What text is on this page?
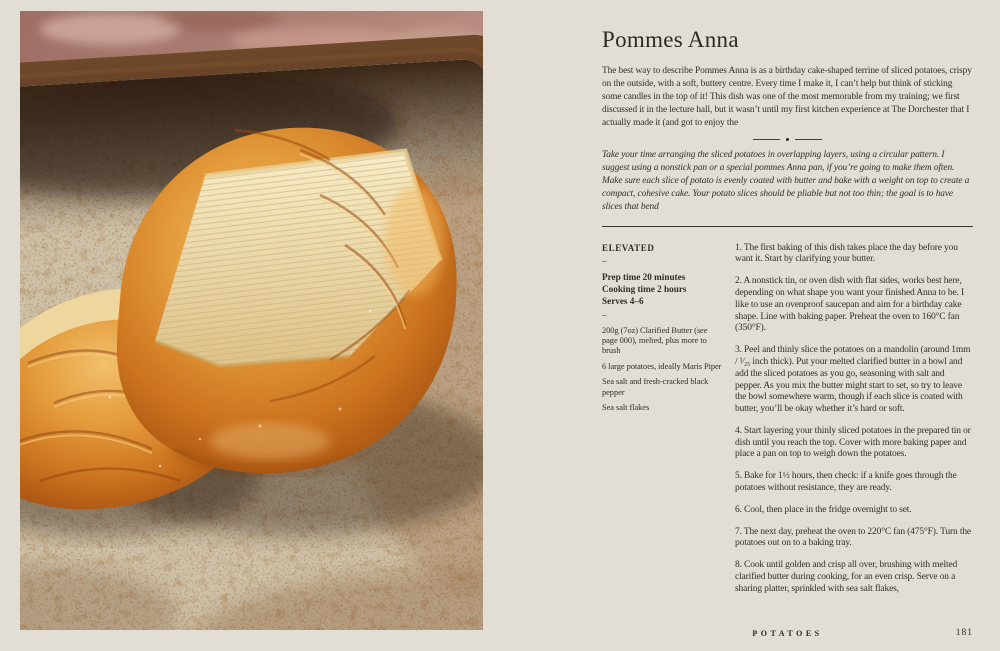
Pommes Anna

The best way to describe Pommes Anna is as a birthday cake-shaped terrine of sliced potatoes, crispy on the outside, with a soft, buttery centre. Every time I make it, I can’t help but think of sticking some candles in the top of it! This dish was one of the most memorable from my training; we first discussed it in the lecture hall, but it wasn’t until my first kitchen experience at The Dorchester that I actually made it (and got to enjoy the

Take your time arranging the sliced potatoes in overlapping layers, using a circular pattern. I suggest using a nonstick pan or a special pommes Anna pan, if you’re going to make them often. Make sure each slice of potato is evenly coated with butter and bake with a weight on top to create a compact, cohesive cake. Your potato slices should be pliable but not too thin; the goal is to have slices that bend

ELEVATED
–
Prep time 20 minutes
Cooking time 2 hours
Serves 4–6
–

200g (7oz) Clarified Butter (see page 000), melted, plus more to brush

6 large potatoes, ideally Maris Piper

Sea salt and fresh-cracked black pepper

Sea salt flakes

1. The first baking of this dish takes place the day before you want it. Start by clarifying your butter.

2. A nonstick tin, or oven dish with flat sides, works best here, depending on what shape you want your finished Anna to be. I like to use an ovenproof saucepan and aim for a birthday cake shape. Line with baking paper. Preheat the oven to 160°C fan (350°F).

3. Peel and thinly slice the potatoes on a mandolin (around 1mm / ¹⁄₂₅ inch thick). Put your melted clarified butter in a bowl and add the sliced potatoes as you go, seasoning with salt and pepper. As you mix the butter might start to set, so try to leave the bowl somewhere warm, though if each slice is coated with butter, you’ll be okay whether it’s hard or soft.

4. Start layering your thinly sliced potatoes in the prepared tin or dish until you reach the top. Cover with more baking paper and place a pan on top to weigh down the potatoes.

5. Bake for 1½ hours, then check: if a knife goes through the potatoes without resistance, they are ready.

6. Cool, then place in the fridge overnight to set.

7. The next day, preheat the oven to 220°C fan (475°F). Turn the potatoes out on to a baking tray.

8. Cook until golden and crisp all over, brushing with melted clarified butter during cooking, for an even crisp. Serve on a sharing platter, sprinkled with sea salt flakes,

POTATOES	181
